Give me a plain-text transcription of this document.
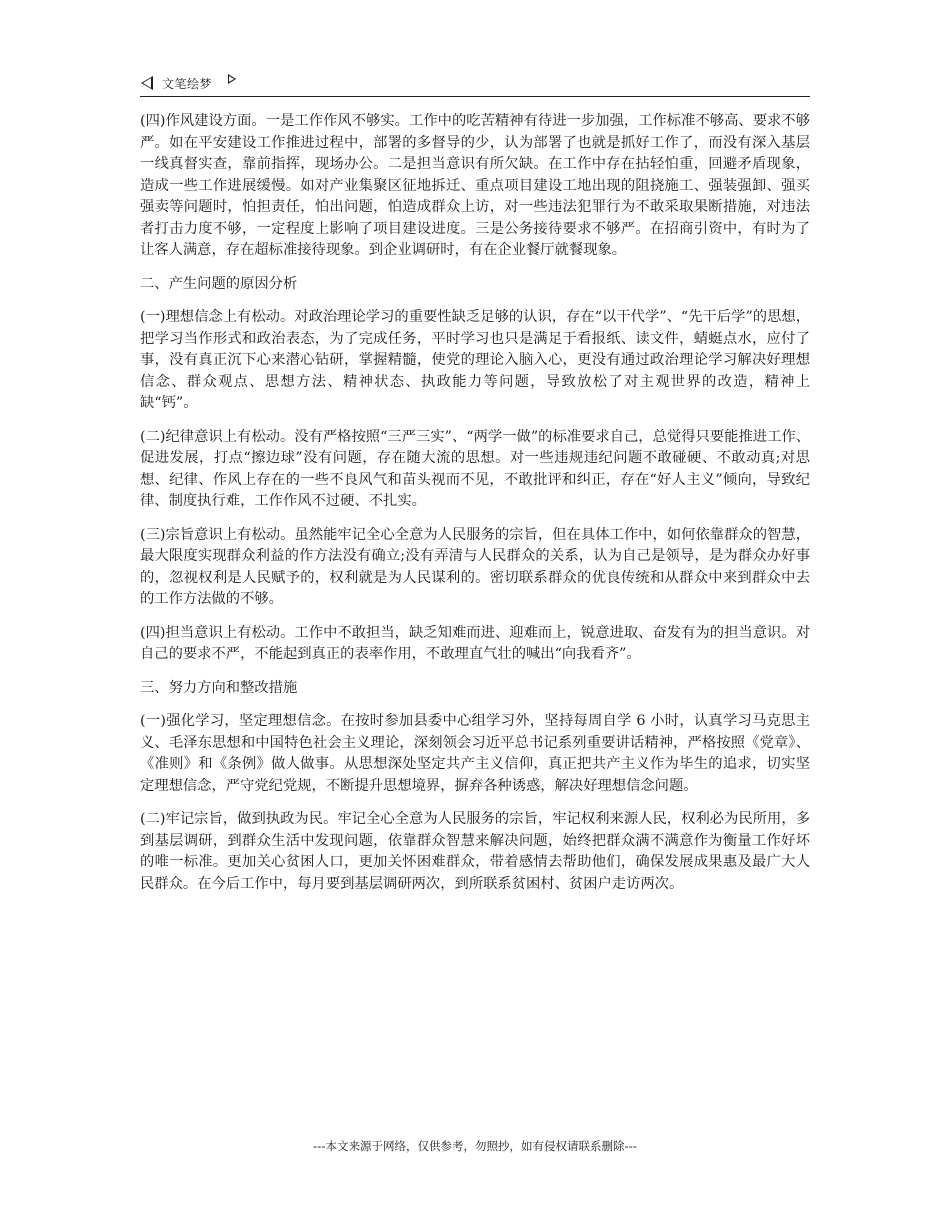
文笔绘梦

(四)作风建设方面。一是工作作风不够实。工作中的吃苦精神有待进一步加强，工作标准不够高、要求不够严。如在平安建设工作推进过程中，部署的多督导的少，认为部署了也就是抓好工作了，而没有深入基层一线真督实查，靠前指挥，现场办公。二是担当意识有所欠缺。在工作中存在拈轻怕重，回避矛盾现象，造成一些工作进展缓慢。如对产业集聚区征地拆迁、重点项目建设工地出现的阻挠施工、强装强卸、强买强卖等问题时，怕担责任，怕出问题，怕造成群众上访，对一些违法犯罪行为不敢采取果断措施，对违法者打击力度不够，一定程度上影响了项目建设进度。三是公务接待要求不够严。在招商引资中，有时为了让客人满意，存在超标准接待现象。到企业调研时，有在企业餐厅就餐现象。

二、产生问题的原因分析

(一)理想信念上有松动。对政治理论学习的重要性缺乏足够的认识，存在“以干代学”、“先干后学”的思想，把学习当作形式和政治表态，为了完成任务，平时学习也只是满足于看报纸、读文件，蜻蜓点水，应付了事，没有真正沉下心来潜心钻研，掌握精髓，使党的理论入脑入心，更没有通过政治理论学习解决好理想信念、群众观点、思想方法、精神状态、执政能力等问题，导致放松了对主观世界的改造，精神上缺“钙”。

(二)纪律意识上有松动。没有严格按照“三严三实”、“两学一做”的标准要求自己，总觉得只要能推进工作、促进发展，打点“擦边球”没有问题，存在随大流的思想。对一些违规违纪问题不敢碰硬、不敢动真;对思想、纪律、作风上存在的一些不良风气和苗头视而不见，不敢批评和纠正，存在“好人主义”倾向，导致纪律、制度执行难，工作作风不过硬、不扎实。

(三)宗旨意识上有松动。虽然能牢记全心全意为人民服务的宗旨，但在具体工作中，如何依靠群众的智慧，最大限度实现群众利益的作方法没有确立;没有弄清与人民群众的关系，认为自己是领导，是为群众办好事的，忽视权利是人民赋予的，权利就是为人民谋利的。密切联系群众的优良传统和从群众中来到群众中去的工作方法做的不够。

(四)担当意识上有松动。工作中不敢担当，缺乏知难而进、迎难而上，锐意进取、奋发有为的担当意识。对自己的要求不严，不能起到真正的表率作用，不敢理直气壮的喊出“向我看齐”。

三、努力方向和整改措施

(一)强化学习，坚定理想信念。在按时参加县委中心组学习外，坚持每周自学 6 小时，认真学习马克思主义、毛泽东思想和中国特色社会主义理论，深刻领会习近平总书记系列重要讲话精神，严格按照《党章》、《准则》和《条例》做人做事。从思想深处坚定共产主义信仰，真正把共产主义作为毕生的追求，切实坚定理想信念，严守党纪党规，不断提升思想境界，摒弃各种诱惑，解决好理想信念问题。

(二)牢记宗旨，做到执政为民。牢记全心全意为人民服务的宗旨，牢记权利来源人民，权利必为民所用，多到基层调研，到群众生活中发现问题，依靠群众智慧来解决问题，始终把群众满不满意作为衡量工作好坏的唯一标准。更加关心贫困人口，更加关怀困难群众，带着感情去帮助他们，确保发展成果惠及最广大人民群众。在今后工作中，每月要到基层调研两次，到所联系贫困村、贫困户走访两次。

---本文来源于网络，仅供参考，勿照抄，如有侵权请联系删除---
